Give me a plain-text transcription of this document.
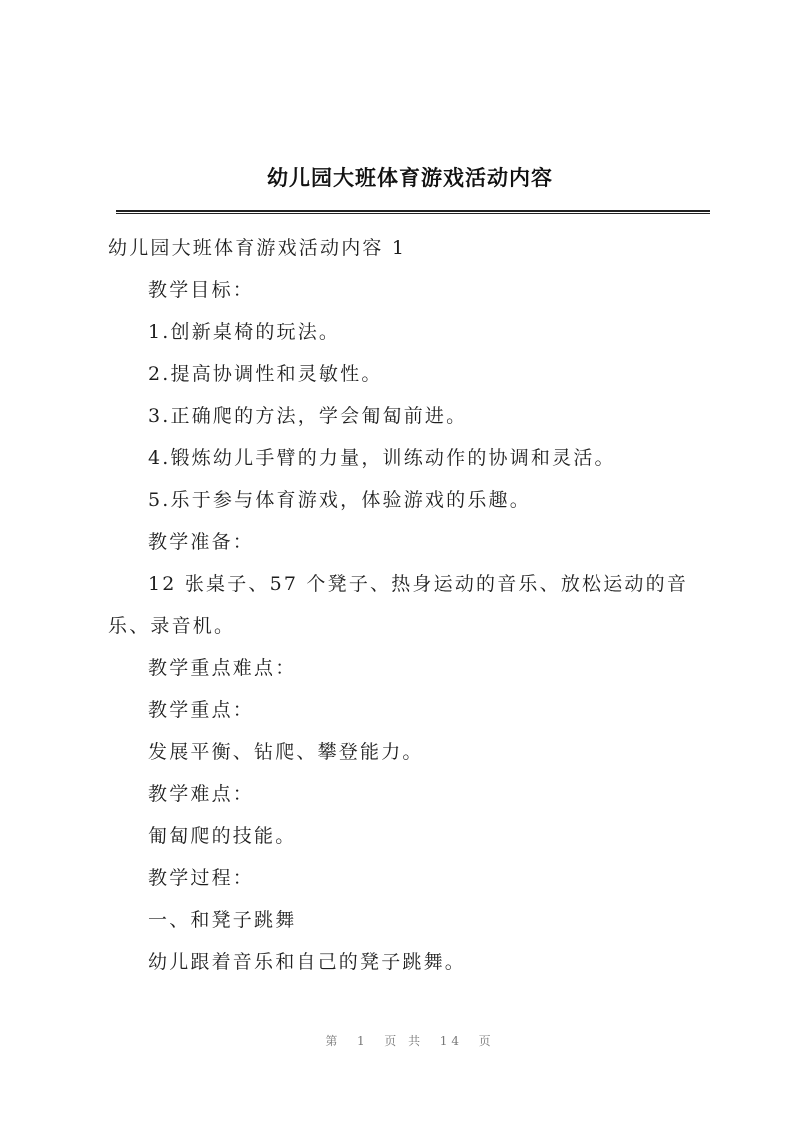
幼儿园大班体育游戏活动内容
幼儿园大班体育游戏活动内容 1
教学目标：
1.创新桌椅的玩法。
2.提高协调性和灵敏性。
3.正确爬的方法，学会匍匐前进。
4.锻炼幼儿手臂的力量，训练动作的协调和灵活。
5.乐于参与体育游戏，体验游戏的乐趣。
教学准备：
12 张桌子、57 个凳子、热身运动的音乐、放松运动的音
乐、录音机。
教学重点难点：
教学重点：
发展平衡、钻爬、攀登能力。
教学难点：
匍匐爬的技能。
教学过程：
一、和凳子跳舞
幼儿跟着音乐和自己的凳子跳舞。
第  1  页 共  14  页
